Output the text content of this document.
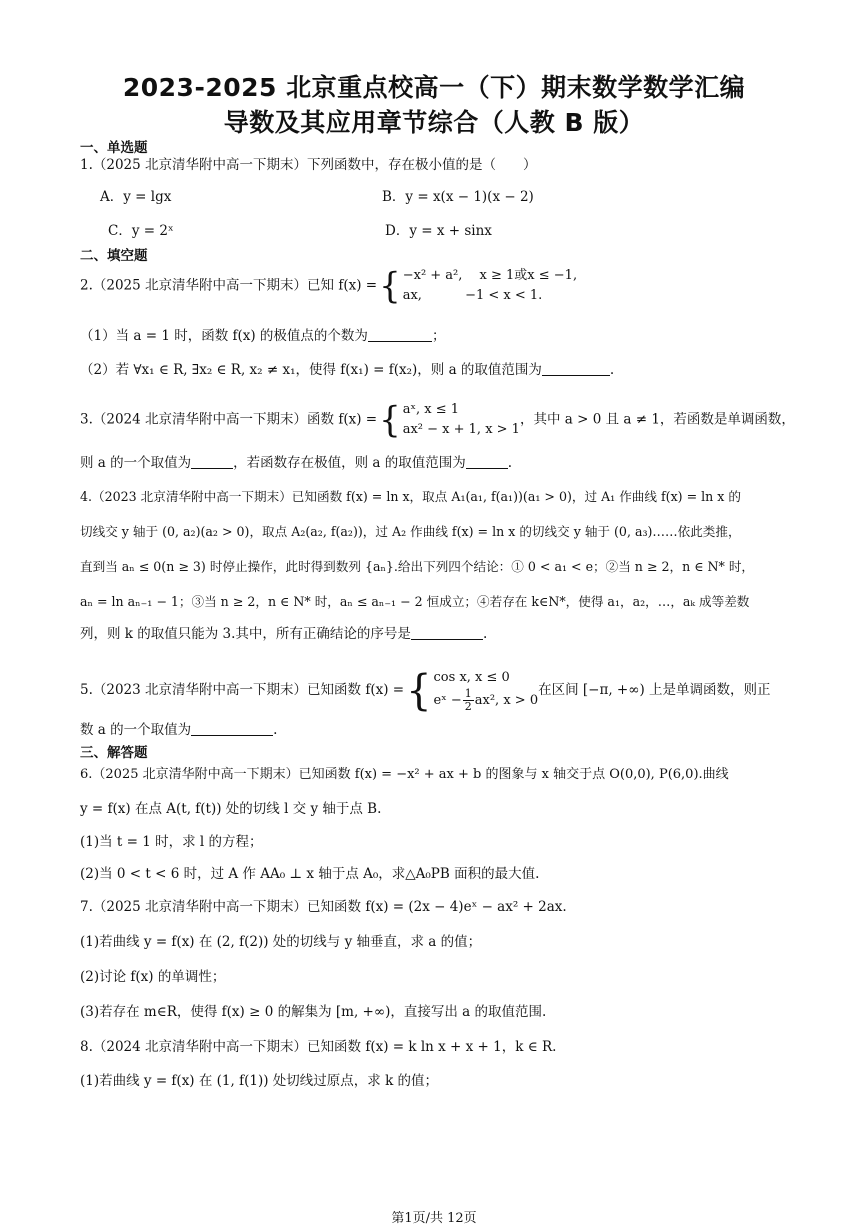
2023-2025 北京重点校高一（下）期末数学数学汇编
导数及其应用章节综合（人教 B 版）
一、单选题
1.（2025 北京清华附中高一下期末）下列函数中，存在极小值的是（　　）
A．y = lgx	B．y = x(x − 1)(x − 2)
C．y = 2ˣ	D．y = x + sinx
二、填空题
2.（2025 北京清华附中高一下期末）已知 f(x) ={ −x² + a²,　 x ≥ 1或x ≤ −1,
ax,　　　 −1 < x < 1.
（1）当 a = 1 时，函数 f(x) 的极值点的个数为	；
（2）若 ∀x₁ ∈ R, ∃x₂ ∈ R, x₂ ≠ x₁，使得 f(x₁) = f(x₂)，则 a 的取值范围为	.
3.（2024 北京清华附中高一下期末）函数 f(x) ={ aˣ, x ≤ 1
ax² − x + 1, x > 1
，其中 a > 0 且 a ≠ 1，若函数是单调函数，
则 a 的一个取值为	，若函数存在极值，则 a 的取值范围为	.
4.（2023 北京清华附中高一下期末）已知函数 f(x) = ln x，取点 A₁(a₁, f(a₁))(a₁ > 0)，过 A₁ 作曲线 f(x) = ln x 的
切线交 y 轴于 (0, a₂)(a₂ > 0)，取点 A₂(a₂, f(a₂))，过 A₂ 作曲线 f(x) = ln x 的切线交 y 轴于 (0, a₃)……依此类推，
直到当 aₙ ≤ 0(n ≥ 3) 时停止操作，此时得到数列 {aₙ}.给出下列四个结论：① 0 < a₁ < e；②当 n ≥ 2，n ∈ N* 时，
aₙ = ln aₙ₋₁ − 1；③当 n ≥ 2，n ∈ N* 时，aₙ ≤ aₙ₋₁ − 2 恒成立；④若存在 k∈N*，使得 a₁，a₂，…，aₖ 成等差数
列，则 k 的取值只能为 3.其中，所有正确结论的序号是	.
5.（2023 北京清华附中高一下期末）已知函数 f(x) ={ cos x, x ≤ 0
eˣ − $\frac{1}{2} ax^2$, x > 0
在区间 [−π, +∞) 上是单调函数，则正
数 a 的一个取值为	.
三、解答题
6.（2025 北京清华附中高一下期末）已知函数 f(x) = −x² + ax + b 的图象与 x 轴交于点 O(0,0), P(6,0).曲线
y = f(x) 在点 A(t, f(t)) 处的切线 l 交 y 轴于点 B.
(1)当 t = 1 时，求 l 的方程；
(2)当 0 < t < 6 时，过 A 作 AA₀ ⊥ x 轴于点 A₀，求△A₀PB 面积的最大值.
7.（2025 北京清华附中高一下期末）已知函数 f(x) = (2x − 4)eˣ − ax² + 2ax.
(1)若曲线 y = f(x) 在 (2, f(2)) 处的切线与 y 轴垂直，求 a 的值；
(2)讨论 f(x) 的单调性；
(3)若存在 m∈R，使得 f(x) ≥ 0 的解集为 [m, +∞)，直接写出 a 的取值范围.
8.（2024 北京清华附中高一下期末）已知函数 f(x) = k ln x + x + 1，k ∈ R.
(1)若曲线 y = f(x) 在 (1, f(1)) 处切线过原点，求 k 的值；
第1页/共 12页
